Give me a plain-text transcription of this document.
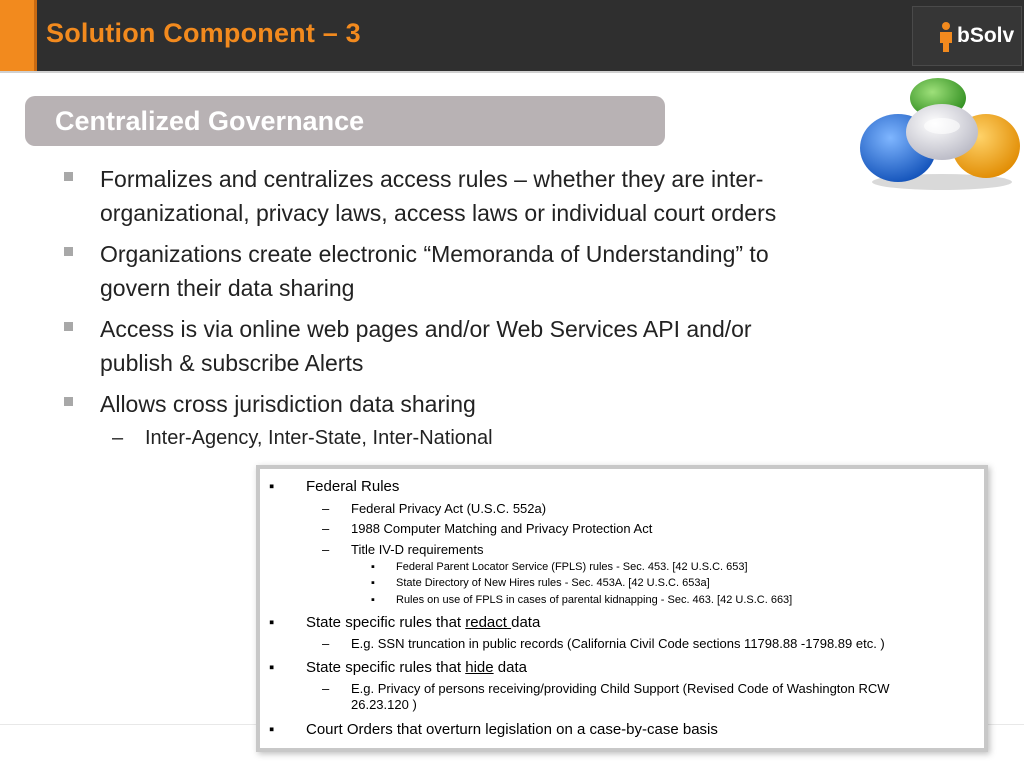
Solution Component – 3	bSolv
Centralized Governance
Formalizes and centralizes access rules – whether they are inter-
organizational, privacy laws, access laws or individual court orders
Organizations create electronic “Memoranda of Understanding” to
govern their data sharing
Access is via online web pages and/or Web Services API and/or
publish & subscribe Alerts
Allows cross jurisdiction data sharing
– Inter-Agency, Inter-State, Inter-National
▪ Federal Rules
– Federal Privacy Act (U.S.C. 552a)
– 1988 Computer Matching and Privacy Protection Act
– Title IV-D requirements
▪ Federal Parent Locator Service (FPLS) rules - Sec. 453. [42 U.S.C. 653]
▪ State Directory of New Hires rules - Sec. 453A. [42 U.S.C. 653a]
▪ Rules on use of FPLS in cases of parental kidnapping - Sec. 463. [42 U.S.C. 663]
▪ State specific rules that redact data
– E.g. SSN truncation in public records (California Civil Code sections 11798.88 -1798.89 etc. )
▪ State specific rules that hide data
– E.g. Privacy of persons receiving/providing Child Support (Revised Code of Washington RCW
26.23.120 )
▪ Court Orders that overturn legislation on a case-by-case basis
